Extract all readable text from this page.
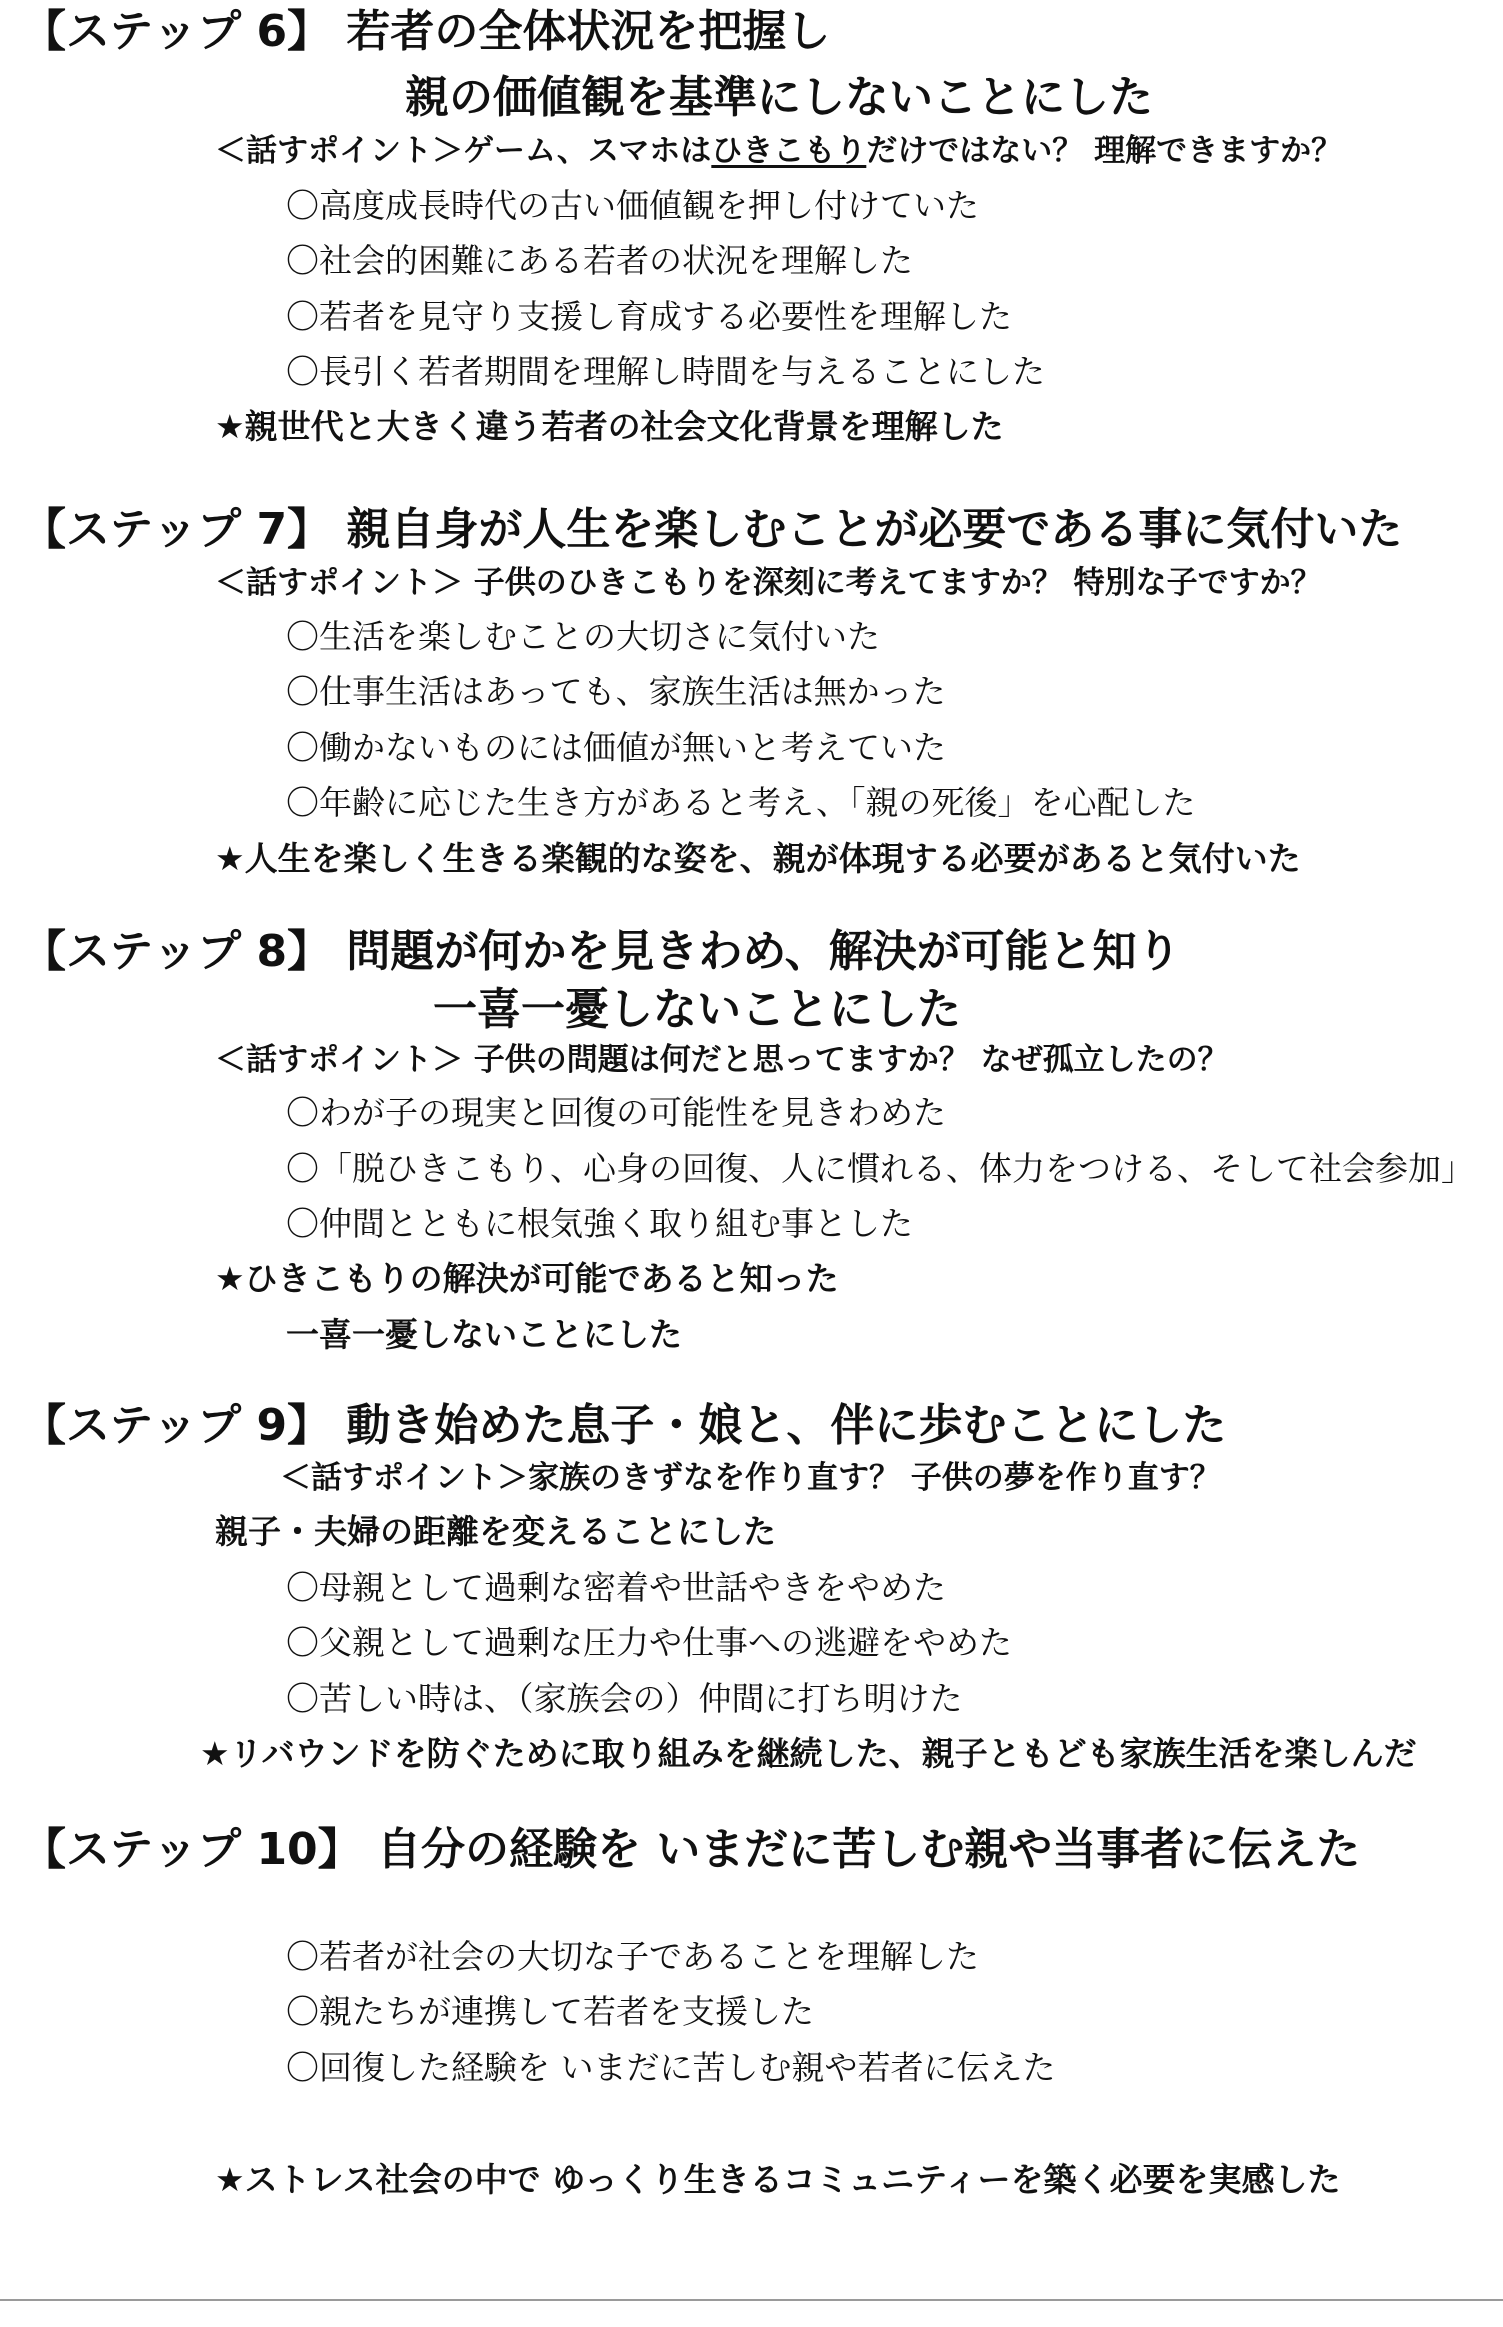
【ステップ 6】 若者の全体状況を把握し
親の価値観を基準にしないことにした
＜話すポイント＞ゲーム、スマホはひきこもりだけではない？ 理解できますか？
〇高度成長時代の古い価値観を押し付けていた
〇社会的困難にある若者の状況を理解した
〇若者を見守り支援し育成する必要性を理解した
〇長引く若者期間を理解し時間を与えることにした
★親世代と大きく違う若者の社会文化背景を理解した
【ステップ 7】 親自身が人生を楽しむことが必要である事に気付いた
＜話すポイント＞ 子供のひきこもりを深刻に考えてますか？ 特別な子ですか？
〇生活を楽しむことの大切さに気付いた
〇仕事生活はあっても、家族生活は無かった
〇働かないものには価値が無いと考えていた
〇年齢に応じた生き方があると考え、「親の死後」を心配した
★人生を楽しく生きる楽観的な姿を、親が体現する必要があると気付いた
【ステップ 8】 問題が何かを見きわめ、解決が可能と知り
一喜一憂しないことにした
＜話すポイント＞ 子供の問題は何だと思ってますか？ なぜ孤立したの？
〇わが子の現実と回復の可能性を見きわめた
〇「脱ひきこもり、心身の回復、人に慣れる、体力をつける、そして社会参加」
〇仲間とともに根気強く取り組む事とした
★ひきこもりの解決が可能であると知った
一喜一憂しないことにした
【ステップ 9】 動き始めた息子・娘と、伴に歩むことにした
＜話すポイント＞家族のきずなを作り直す？ 子供の夢を作り直す？
親子・夫婦の距離を変えることにした
〇母親として過剰な密着や世話やきをやめた
〇父親として過剰な圧力や仕事への逃避をやめた
〇苦しい時は、（家族会の）仲間に打ち明けた
★リバウンドを防ぐために取り組みを継続した、親子ともども家族生活を楽しんだ
【ステップ 10】 自分の経験を いまだに苦しむ親や当事者に伝えた
〇若者が社会の大切な子であることを理解した
〇親たちが連携して若者を支援した
〇回復した経験を いまだに苦しむ親や若者に伝えた
★ストレス社会の中で ゆっくり生きるコミュニティーを築く必要を実感した
